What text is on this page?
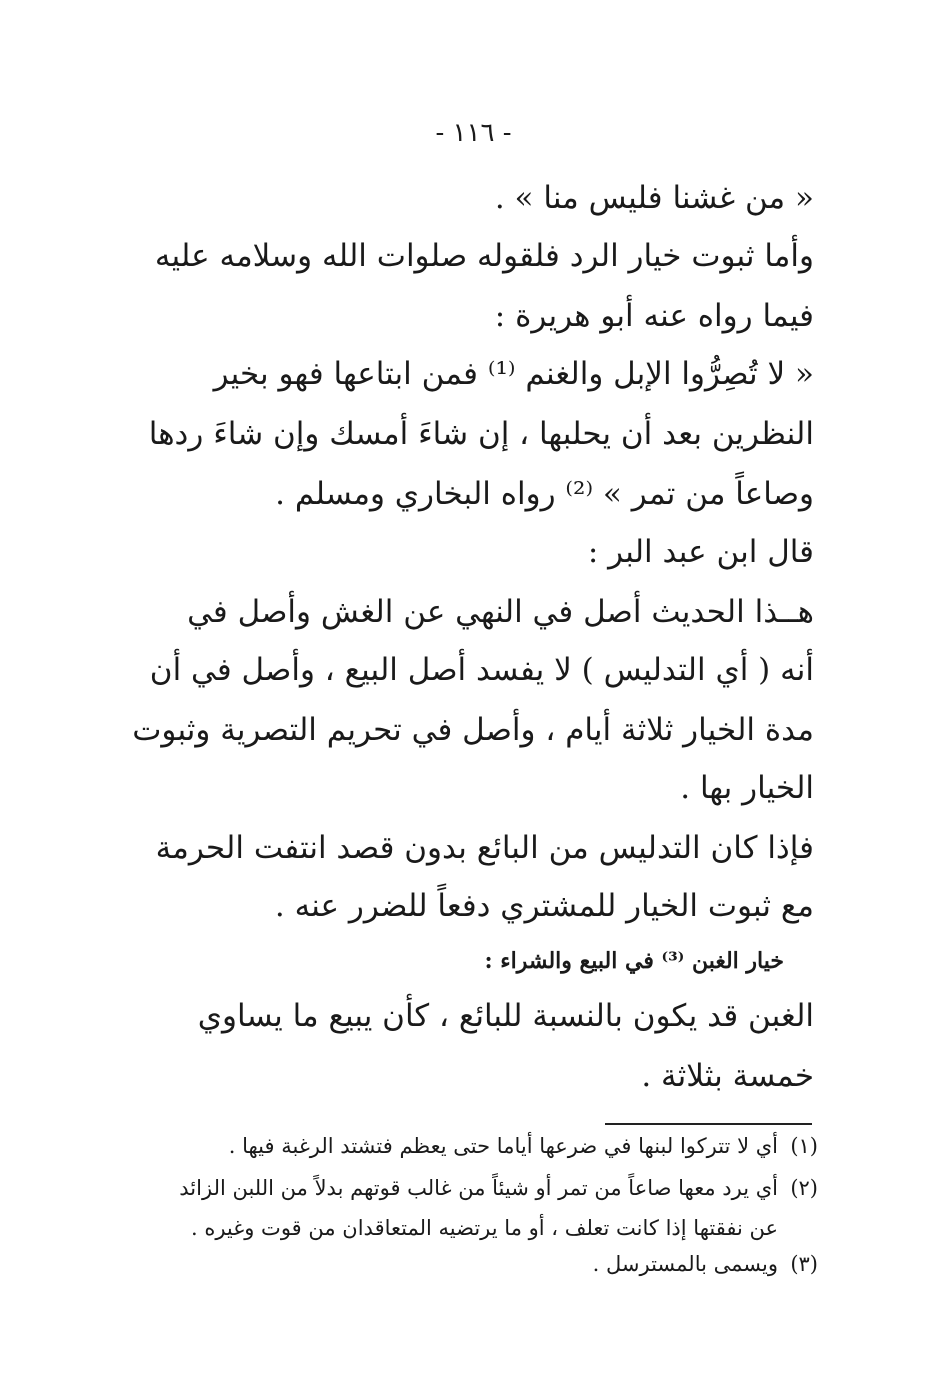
- ١١٦ -
« من غشنا فليس منا » .
وأما ثبوت خيار الرد فلقوله صلوات الله وسلامه عليه
فيما رواه عنه أبو هريرة :
« لا تُصِرُّوا الإبل والغنم ⁽¹⁾ فمن ابتاعها فهو بخير
النظرين بعد أن يحلبها ، إن شاءَ أمسك وإن شاءَ ردها
وصاعاً من تمر » ⁽²⁾ رواه البخاري ومسلم .
قال ابن عبد البر :
هــذا الحديث أصل في النهي عن الغش وأصل في
أنه ( أي التدليس ) لا يفسد أصل البيع ، وأصل في أن
مدة الخيار ثلاثة أيام ، وأصل في تحريم التصرية وثبوت
الخيار بها .
فإذا كان التدليس من البائع بدون قصد انتفت الحرمة
مع ثبوت الخيار للمشتري دفعاً للضرر عنه .
خيار الغبن ⁽³⁾ في البيع والشراء :
الغبن قد يكون بالنسبة للبائع ، كأن يبيع ما يساوي
خمسة بثلاثة .
(١)أي لا تتركوا لبنها في ضرعها أياما حتى يعظم فتشتد الرغبة فيها .
(٢)أي يرد معها صاعاً من تمر أو شيئاً من غالب قوتهم بدلاً من اللبن الزائد
عن نفقتها إذا كانت تعلف ، أو ما يرتضيه المتعاقدان من قوت وغيره .
(٣)ويسمى بالمسترسل .
